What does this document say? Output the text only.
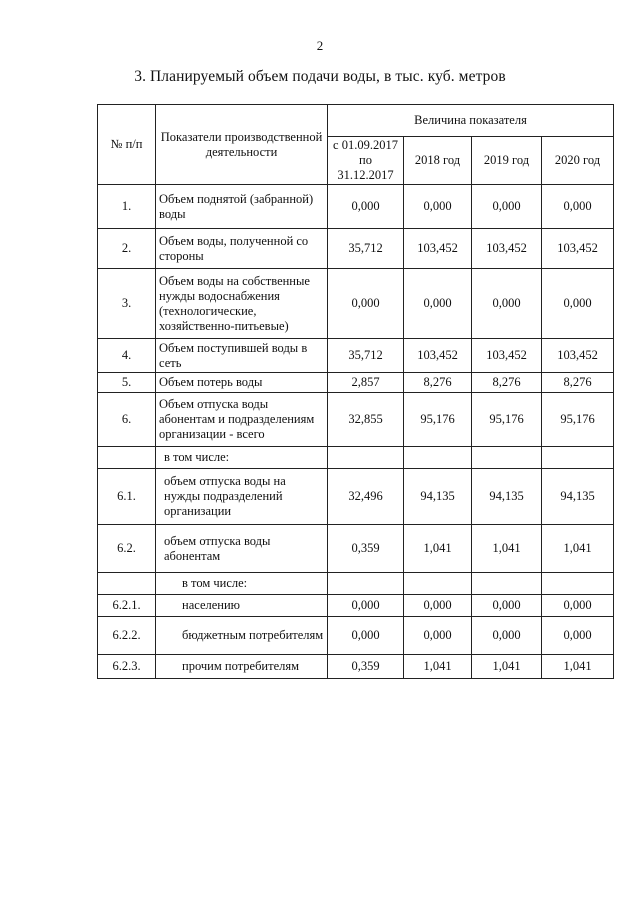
2
3. Планируемый объем подачи воды, в тыс. куб. метров
№ п/п	Показатели производственной деятельности	Величина показателя			
		с 01.09.2017 по 31.12.2017	2018 год	2019 год	2020 год
1.	Объем поднятой (забранной) воды	0,000	0,000	0,000	0,000
2.	Объем воды, полученной со стороны	35,712	103,452	103,452	103,452
3.	Объем воды на собственные нужды водоснабжения (технологические, хозяйственно-питьевые)	0,000	0,000	0,000	0,000
4.	Объем поступившей воды в сеть	35,712	103,452	103,452	103,452
5.	Объем потерь воды	2,857	8,276	8,276	8,276
6.	Объем отпуска воды абонентам и подразделениям организации - всего	32,855	95,176	95,176	95,176
	в том числе:				
6.1.	объем отпуска воды на нужды подразделений организации	32,496	94,135	94,135	94,135
6.2.	объем отпуска воды абонентам	0,359	1,041	1,041	1,041
	в том числе:				
6.2.1.	населению	0,000	0,000	0,000	0,000
6.2.2.	бюджетным потребителям	0,000	0,000	0,000	0,000
6.2.3.	прочим потребителям	0,359	1,041	1,041	1,041
